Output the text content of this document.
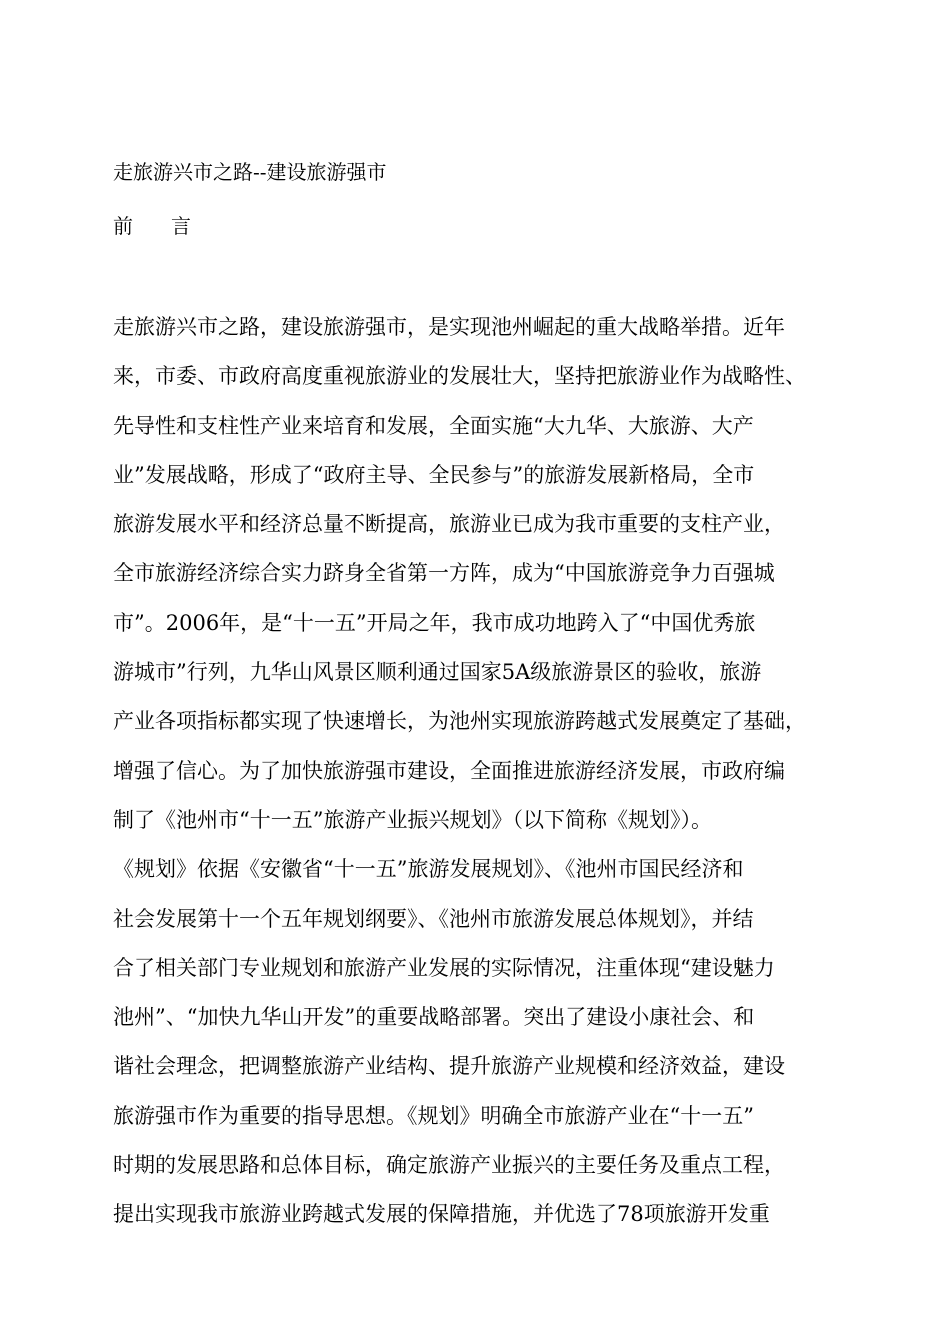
走旅游兴市之路--建设旅游强市
前 言
走旅游兴市之路，建设旅游强市，是实现池州崛起的重大战略举措。近年
来，市委、市政府高度重视旅游业的发展壮大，坚持把旅游业作为战略性、
先导性和支柱性产业来培育和发展，全面实施“大九华、大旅游、大产
业”发展战略，形成了“政府主导、全民参与”的旅游发展新格局，全市
旅游发展水平和经济总量不断提高，旅游业已成为我市重要的支柱产业，
全市旅游经济综合实力跻身全省第一方阵，成为“中国旅游竞争力百强城
市”。2006年，是“十一五”开局之年，我市成功地跨入了“中国优秀旅
游城市”行列，九华山风景区顺利通过国家5A级旅游景区的验收，旅游
产业各项指标都实现了快速增长，为池州实现旅游跨越式发展奠定了基础，
增强了信心。为了加快旅游强市建设，全面推进旅游经济发展，市政府编
制了《池州市“十一五”旅游产业振兴规划》（以下简称《规划》）。
《规划》依据《安徽省“十一五”旅游发展规划》、《池州市国民经济和
社会发展第十一个五年规划纲要》、《池州市旅游发展总体规划》，并结
合了相关部门专业规划和旅游产业发展的实际情况，注重体现“建设魅力
池州”、“加快九华山开发”的重要战略部署。突出了建设小康社会、和
谐社会理念，把调整旅游产业结构、提升旅游产业规模和经济效益，建设
旅游强市作为重要的指导思想。《规划》明确全市旅游产业在“十一五”
时期的发展思路和总体目标，确定旅游产业振兴的主要任务及重点工程，
提出实现我市旅游业跨越式发展的保障措施，并优选了78项旅游开发重
